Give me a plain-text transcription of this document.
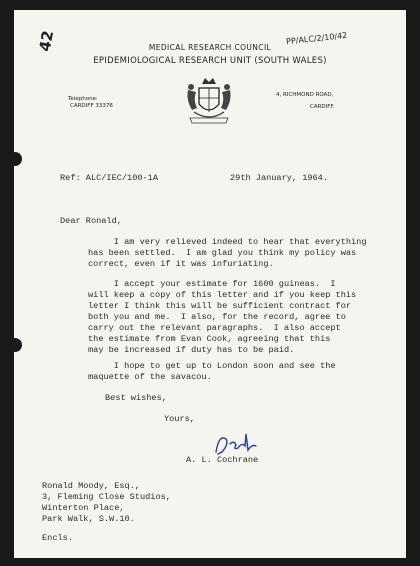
42	PP/ALC/2/10/42
MEDICAL RESEARCH COUNCIL
EPIDEMIOLOGICAL RESEARCH UNIT (SOUTH WALES)
Telephone:
CARDIFF 33376
4, RICHMOND ROAD,
CARDIFF.
Ref: ALC/IEC/100-1A	29th January, 1964.
Dear Ronald,
I am very relieved indeed to hear that everything
has been settled.  I am glad you think my policy was
correct, even if it was infuriating.
I accept your estimate for 1600 guineas.  I
will keep a copy of this letter and if you keep this
letter I think this will be sufficient contract for
both you and me.  I also, for the record, agree to
carry out the relevant paragraphs.  I also accept
the estimate from Evan Cook, agreeing that this
may be increased if duty has to be paid.
I hope to get up to London soon and see the
maquette of the savacou.
Best wishes,
Yours,
A. L. Cochrane
Ronald Moody, Esq.,
3, Fleming Close Studios,
Winterton Place,
Park Walk, S.W.10.
Encls.
